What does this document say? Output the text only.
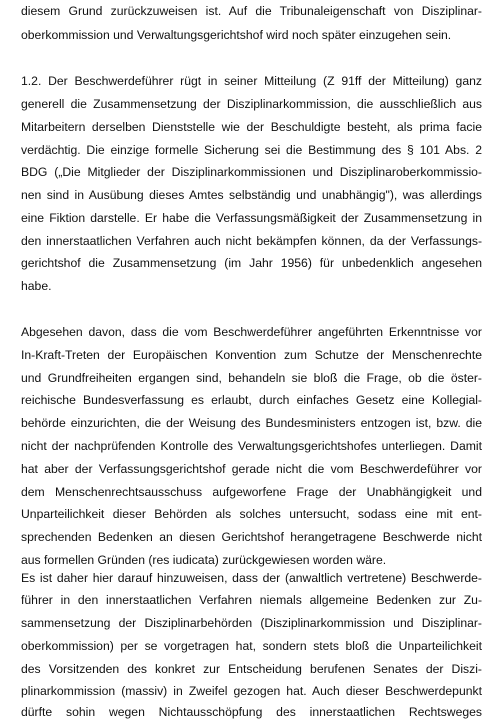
diesem Grund zurückzuweisen ist. Auf die Tribunaleigenschaft von Disziplinar-
oberkommission und Verwaltungsgerichtshof wird noch später einzugehen sein.
1.2. Der Beschwerdeführer rügt in seiner Mitteilung (Z 91ff der Mitteilung) ganz
generell die Zusammensetzung der Disziplinarkommission, die ausschließlich aus
Mitarbeitern derselben Dienststelle wie der Beschuldigte besteht, als prima facie
verdächtig. Die einzige formelle Sicherung sei die Bestimmung des § 101 Abs. 2
BDG („Die Mitglieder der Disziplinarkommissionen und Disziplinaroberkommissio-
nen sind in Ausübung dieses Amtes selbständig und unabhängig"), was allerdings
eine Fiktion darstelle. Er habe die Verfassungsmäßigkeit der Zusammensetzung in
den innerstaatlichen Verfahren auch nicht bekämpfen können, da der Verfassungs-
gerichtshof die Zusammensetzung (im Jahr 1956) für unbedenklich angesehen
habe.
Abgesehen davon, dass die vom Beschwerdeführer angeführten Erkenntnisse vor
In-Kraft-Treten der Europäischen Konvention zum Schutze der Menschenrechte
und Grundfreiheiten ergangen sind, behandeln sie bloß die Frage, ob die öster-
reichische Bundesverfassung es erlaubt, durch einfaches Gesetz eine Kollegial-
behörde einzurichten, die der Weisung des Bundesministers entzogen ist, bzw. die
nicht der nachprüfenden Kontrolle des Verwaltungsgerichtshofes unterliegen. Damit
hat aber der Verfassungsgerichtshof gerade nicht die vom Beschwerdeführer vor
dem Menschenrechtsausschuss aufgeworfene Frage der Unabhängigkeit und
Unparteilichkeit dieser Behörden als solches untersucht, sodass eine mit ent-
sprechenden Bedenken an diesen Gerichtshof herangetragene Beschwerde nicht
aus formellen Gründen (res iudicata) zurückgewiesen worden wäre.
Es ist daher hier darauf hinzuweisen, dass der (anwaltlich vertretene) Beschwerde-
führer in den innerstaatlichen Verfahren niemals allgemeine Bedenken zur Zu-
sammensetzung der Disziplinarbehörden (Disziplinarkommission und Disziplinar-
oberkommission) per se vorgetragen hat, sondern stets bloß die Unparteilichkeit
des Vorsitzenden des konkret zur Entscheidung berufenen Senates der Diszi-
plinarkommission (massiv) in Zweifel gezogen hat. Auch dieser Beschwerdepunkt
dürfte sohin wegen Nichtausschöpfung des innerstaatlichen Rechtsweges
